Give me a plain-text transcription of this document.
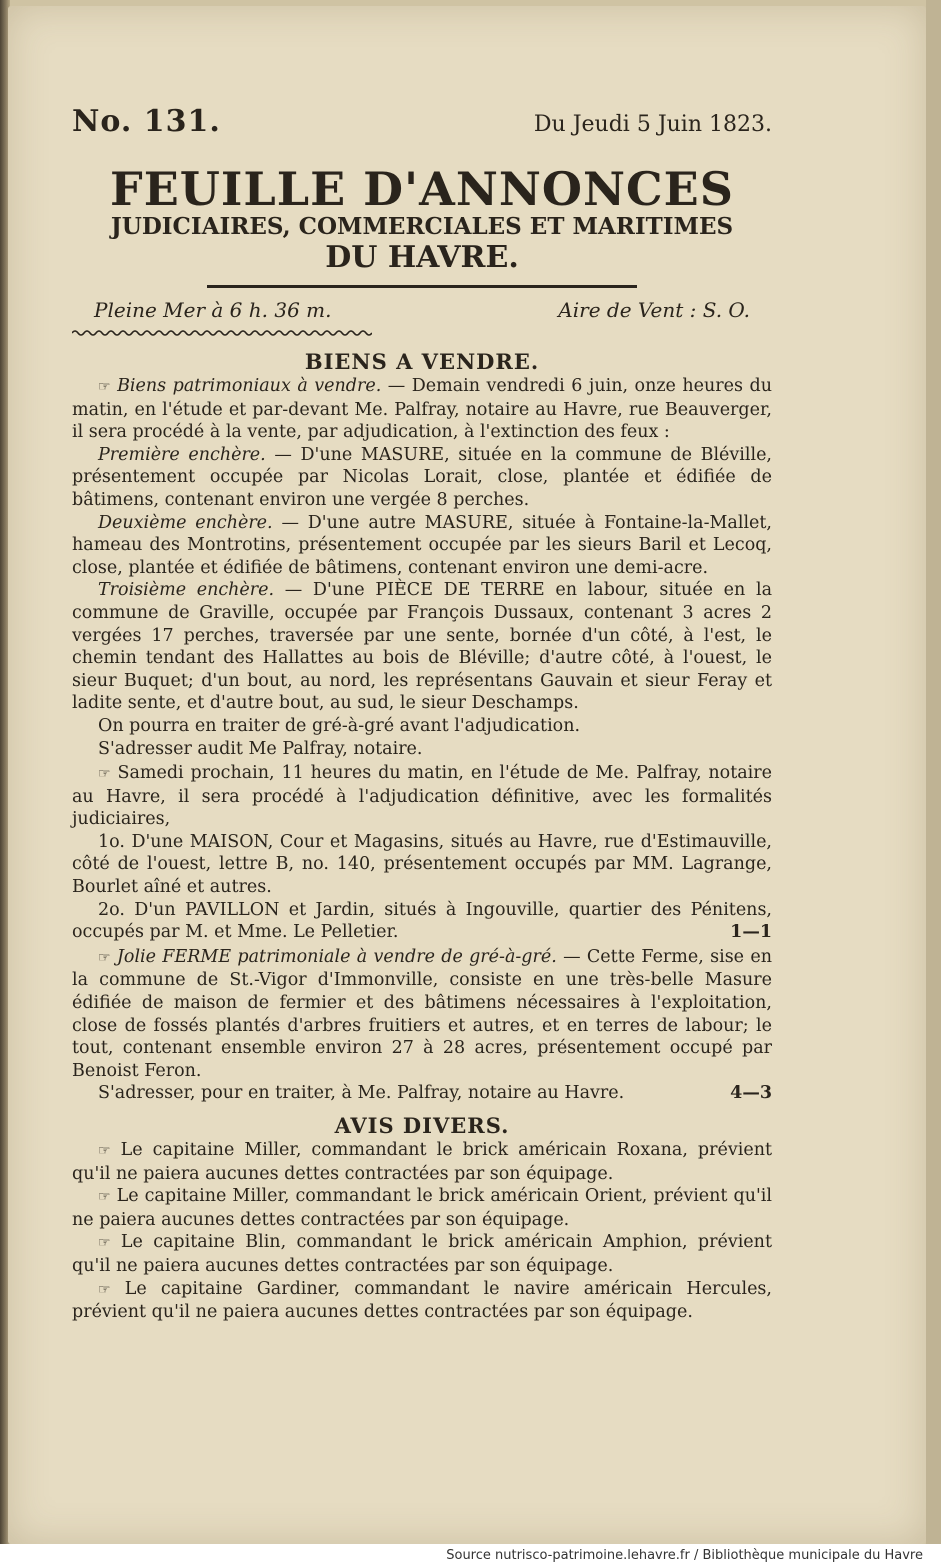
No. 131.	Du Jeudi 5 Juin 1823.
FEUILLE D'ANNONCES
JUDICIAIRES, COMMERCIALES ET MARITIMES
DU HAVRE.
Pleine Mer à 6 h. 36 m.	Aire de Vent : S. O.
BIENS A VENDRE.

☞ Biens patrimoniaux à vendre. — Demain vendredi 6 juin, onze heures du matin, en l'étude et par-devant Me. Palfray, notaire au Havre, rue Beauverger, il sera procédé à la vente, par adjudication, à l'extinction des feux :

Première enchère. — D'une MASURE, située en la commune de Bléville, présentement occupée par Nicolas Lorait, close, plantée et édifiée de bâtimens, contenant environ une vergée 8 perches.

Deuxième enchère. — D'une autre MASURE, située à Fontaine-la-Mallet, hameau des Montrotins, présentement occupée par les sieurs Baril et Lecoq, close, plantée et édifiée de bâtimens, contenant environ une demi-acre.

Troisième enchère. — D'une PIÈCE DE TERRE en labour, située en la commune de Graville, occupée par François Dussaux, contenant 3 acres 2 vergées 17 perches, traversée par une sente, bornée d'un côté, à l'est, le chemin tendant des Hallattes au bois de Bléville; d'autre côté, à l'ouest, le sieur Buquet; d'un bout, au nord, les représentans Gauvain et sieur Feray et ladite sente, et d'autre bout, au sud, le sieur Deschamps.

On pourra en traiter de gré-à-gré avant l'adjudication.

S'adresser audit Me Palfray, notaire.

☞ Samedi prochain, 11 heures du matin, en l'étude de Me. Palfray, notaire au Havre, il sera procédé à l'adjudication définitive, avec les formalités judiciaires,

1o. D'une MAISON, Cour et Magasins, situés au Havre, rue d'Estimauville, côté de l'ouest, lettre B, no. 140, présentement occupés par MM. Lagrange, Bourlet aîné et autres.

2o. D'un PAVILLON et Jardin, situés à Ingouville, quartier des Pénitens, occupés par M. et Mme. Le Pelletier.	1—1

☞ Jolie FERME patrimoniale à vendre de gré-à-gré. — Cette Ferme, sise en la commune de St.-Vigor d'Immonville, consiste en une très-belle Masure édifiée de maison de fermier et des bâtimens nécessaires à l'exploitation, close de fossés plantés d'arbres fruitiers et autres, et en terres de labour; le tout, contenant ensemble environ 27 à 28 acres, présentement occupé par Benoist Feron.

S'adresser, pour en traiter, à Me. Palfray, notaire au Havre.	4—3

AVIS DIVERS.

☞ Le capitaine Miller, commandant le brick américain Roxana, prévient qu'il ne paiera aucunes dettes contractées par son équipage.

☞ Le capitaine Miller, commandant le brick américain Orient, prévient qu'il ne paiera aucunes dettes contractées par son équipage.

☞ Le capitaine Blin, commandant le brick américain Amphion, prévient qu'il ne paiera aucunes dettes contractées par son équipage.

☞ Le capitaine Gardiner, commandant le navire américain Hercules, prévient qu'il ne paiera aucunes dettes contractées par son équipage.

Source nutrisco-patrimoine.lehavre.fr / Bibliothèque municipale du Havre
